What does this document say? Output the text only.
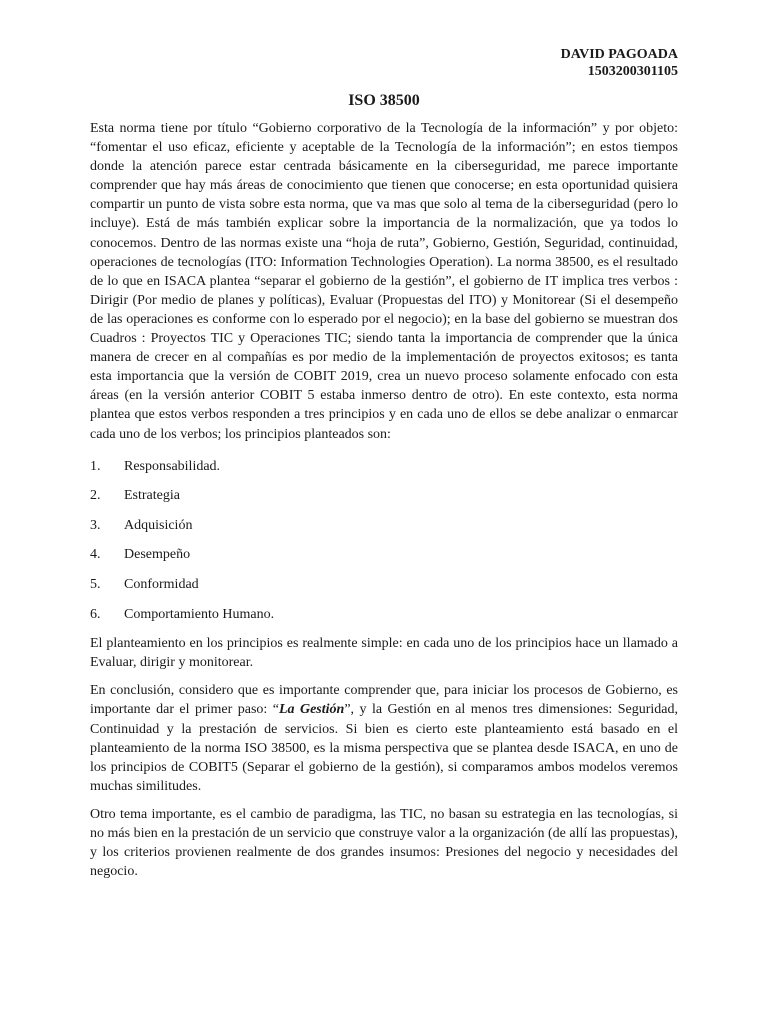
DAVID PAGOADA
1503200301105
ISO 38500

Esta norma tiene por título “Gobierno corporativo de la Tecnología de la información” y por objeto: “fomentar el uso eficaz, eficiente y aceptable de la Tecnología de la información”; en estos tiempos donde la atención parece estar centrada básicamente en la ciberseguridad, me parece importante comprender que hay más áreas de conocimiento que tienen que conocerse; en esta oportunidad quisiera compartir un punto de vista sobre esta norma, que va mas que solo al tema de la ciberseguridad (pero lo incluye). Está de más también explicar sobre la importancia de la normalización, que ya todos lo conocemos. Dentro de las normas existe una “hoja de ruta”, Gobierno, Gestión, Seguridad, continuidad, operaciones de tecnologías (ITO: Information Technologies Operation). La norma 38500, es el resultado de lo que en ISACA plantea “separar el gobierno de la gestión”, el gobierno de IT implica tres verbos : Dirigir (Por medio de planes y políticas), Evaluar (Propuestas del ITO) y Monitorear (Si el desempeño de las operaciones es conforme con lo esperado por el negocio); en la base del gobierno se muestran dos Cuadros : Proyectos TIC y Operaciones TIC; siendo tanta la importancia de comprender que la única manera de crecer en al compañías es por medio de la implementación de proyectos exitosos; es tanta esta importancia que la versión de COBIT 2019, crea un nuevo proceso solamente enfocado con esta áreas (en la versión anterior COBIT 5 estaba inmerso dentro de otro). En este contexto, esta norma plantea que estos verbos responden a tres principios y en cada uno de ellos se debe analizar o enmarcar cada uno de los verbos; los principios planteados son:

1.	Responsabilidad.
2.	Estrategia
3.	Adquisición
4.	Desempeño
5.	Conformidad
6.	Comportamiento Humano.

El planteamiento en los principios es realmente simple: en cada uno de los principios hace un llamado a Evaluar, dirigir y monitorear.

En conclusión, considero que es importante comprender que, para iniciar los procesos de Gobierno, es importante dar el primer paso: “La Gestión”, y la Gestión en al menos tres dimensiones: Seguridad, Continuidad y la prestación de servicios. Si bien es cierto este planteamiento está basado en el planteamiento de la norma ISO 38500, es la misma perspectiva que se plantea desde ISACA, en uno de los principios de COBIT5 (Separar el gobierno de la gestión), si comparamos ambos modelos veremos muchas similitudes.

Otro tema importante, es el cambio de paradigma, las TIC, no basan su estrategia en las tecnologías, si no más bien en la prestación de un servicio que construye valor a la organización (de allí las propuestas), y los criterios provienen realmente de dos grandes insumos: Presiones del negocio y necesidades del negocio.
